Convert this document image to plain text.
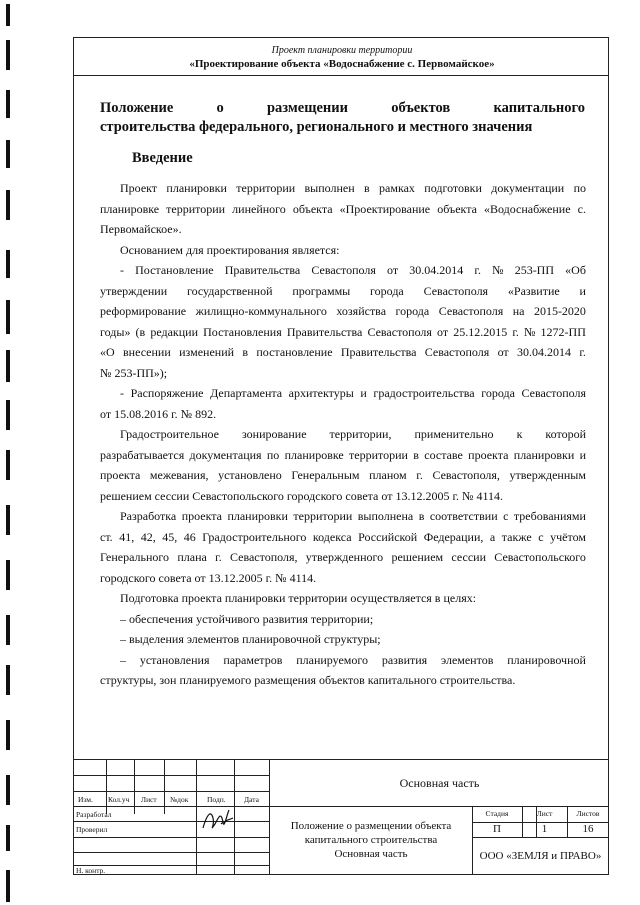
Проект планировки территории
«Проектирование объекта «Водоснабжение с. Первомайское»
Положение	о	размещении	объектов	капитального
строительства федерального, регионального и местного значения
Введение
Проект планировки территории выполнен в рамках подготовки документации по
планировке территории линейного объекта «Проектирование объекта «Водоснабжение с.
Первомайское».
Основанием для проектирования является:
- Постановление Правительства Севастополя от 30.04.2014 г. № 253-ПП «Об
утверждении государственной программы города Севастополя «Развитие и
реформирование жилищно-коммунального хозяйства города Севастополя на 2015-2020
годы» (в редакции Постановления Правительства Севастополя от 25.12.2015 г. № 1272-ПП
«О внесении изменений в постановление Правительства Севастополя от 30.04.2014 г.
№ 253-ПП»);
- Распоряжение Департамента архитектуры и градостроительства города Севастополя
от 15.08.2016 г. № 892.
Градостроительное зонирование территории, применительно к которой
разрабатывается документация по планировке территории в составе проекта планировки и
проекта межевания, установлено Генеральным планом г. Севастополя, утвержденным
решением сессии Севастопольского городского совета от 13.12.2005 г. № 4114.
Разработка проекта планировки территории выполнена в соответствии с требованиями
ст. 41, 42, 45, 46 Градостроительного кодекса Российской Федерации, а также с учётом
Генерального плана г. Севастополя, утвержденного решением сессии Севастопольского
городского совета от 13.12.2005 г. № 4114.
Подготовка проекта планировки территории осуществляется в целях:
– обеспечения устойчивого развития территории;
– выделения элементов планировочной структуры;
– установления параметров планируемого развития элементов планировочной
структуры, зон планируемого размещения объектов капитального строительства.
Изм. Кол.уч Лист №док Подп. Дата
Разработал
Проверил
Н. контр.
Основная часть
Положение о размещении объекта
капитального строительства
Основная часть
Стадия	Лист	Листов
П	1	16
ООО «ЗЕМЛЯ и ПРАВО»
